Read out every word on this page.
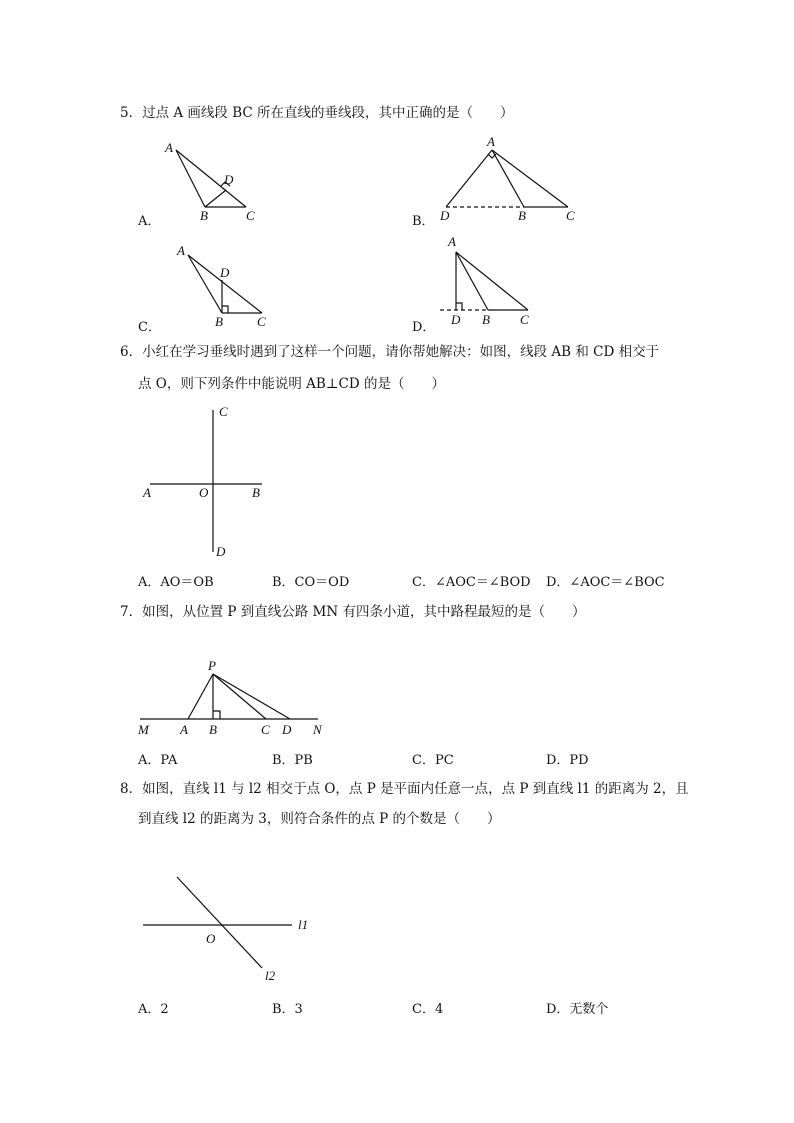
5．过点 A 画线段 BC 所在直线的垂线段，其中正确的是（　　）
A．	B．
C．	D．
A
D
B	C
A
D	B	C
A
D
B	C
A
D B C
C
A	O	B
D
P
M A B	C D N
O
l1
l2
6．小红在学习垂线时遇到了这样一个问题，请你帮她解决：如图，线段 AB 和 CD 相交于
点 O，则下列条件中能说明 AB⊥CD 的是（　　）
A．AO＝OB	B．CO＝OD	C．∠AOC＝∠BOD D．∠AOC＝∠BOC
7．如图，从位置 P 到直线公路 MN 有四条小道，其中路程最短的是（　　）
A．PA	B．PB	C．PC	D．PD
8．如图，直线 l1 与 l2 相交于点 O，点 P 是平面内任意一点，点 P 到直线 l1 的距离为 2，且
到直线 l2 的距离为 3，则符合条件的点 P 的个数是（　　）
A．2	B．3	C．4	D．无数个
